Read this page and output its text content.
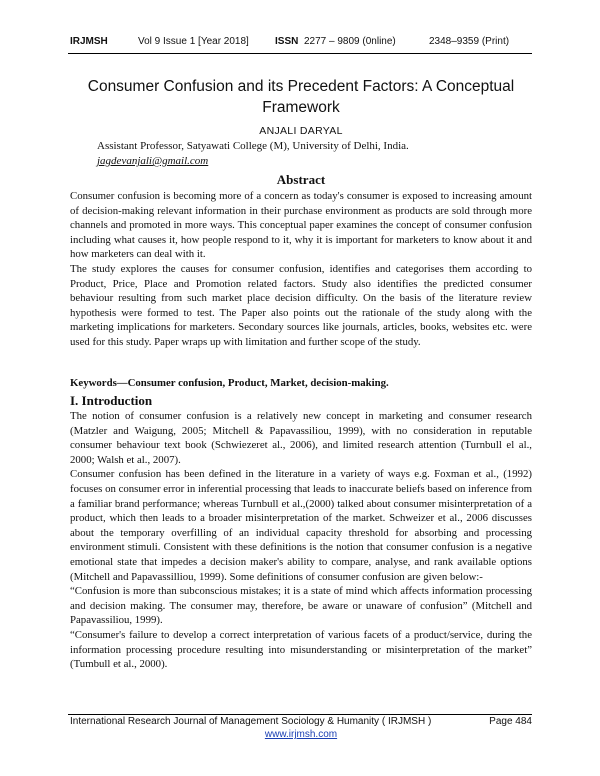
IRJMSH	Vol 9 Issue 1 [Year 2018]	ISSN 2277 – 9809 (0nline)	2348–9359 (Print)
Consumer Confusion and its Precedent Factors: A Conceptual Framework
ANJALI DARYAL
Assistant Professor, Satyawati College (M), University of Delhi, India.
jagdevanjali@gmail.com
Abstract

Consumer confusion is becoming more of a concern as today's consumer is exposed to increasing amount of decision-making relevant information in their purchase environment as products are sold through more channels and promoted in more ways. This conceptual paper examines the concept of consumer confusion including what causes it, how people respond to it, why it is important for marketers to know about it and how marketers can deal with it.

The study explores the causes for consumer confusion, identifies and categorises them according to Product, Price, Place and Promotion related factors. Study also identifies the predicted consumer behaviour resulting from such market place decision difficulty. On the basis of the literature review hypothesis were formed to test. The Paper also points out the rationale of the study along with the marketing implications for marketers. Secondary sources like journals, articles, books, websites etc. were used for this study. Paper wraps up with limitation and further scope of the study.

Keywords—Consumer confusion, Product, Market, decision-making.
I. Introduction

The notion of consumer confusion is a relatively new concept in marketing and consumer research (Matzler and Waigung, 2005; Mitchell & Papavassiliou, 1999), with no consideration in reputable consumer behaviour text book (Schwiezeret al., 2006), and limited research attention (Turnbull el al., 2000; Walsh et al., 2007).

Consumer confusion has been defined in the literature in a variety of ways e.g. Foxman et al., (1992) focuses on consumer error in inferential processing that leads to inaccurate beliefs based on inference from a familiar brand performance; whereas Turnbull et al.,(2000) talked about consumer misinterpretation of a product, which then leads to a broader misinterpretation of the market. Schweizer et al., 2006 discusses about the temporary overfilling of an individual capacity threshold for absorbing and processing environment stimuli. Consistent with these definitions is the notion that consumer confusion is a negative emotional state that impedes a decision maker's ability to compare, analyse, and rank available options (Mitchell and Papavassilliou, 1999). Some definitions of consumer confusion are given below:-

“Confusion is more than subconscious mistakes; it is a state of mind which affects information processing and decision making. The consumer may, therefore, be aware or unaware of confusion” (Mitchell and Papavassiliou, 1999).

“Consumer's failure to develop a correct interpretation of various facets of a product/service, during the information processing procedure resulting into misunderstanding or misinterpretation of the market” (Tumbull et al., 2000).

International Research Journal of Management Sociology & Humanity ( IRJMSH )	Page 484
www.irjmsh.com
